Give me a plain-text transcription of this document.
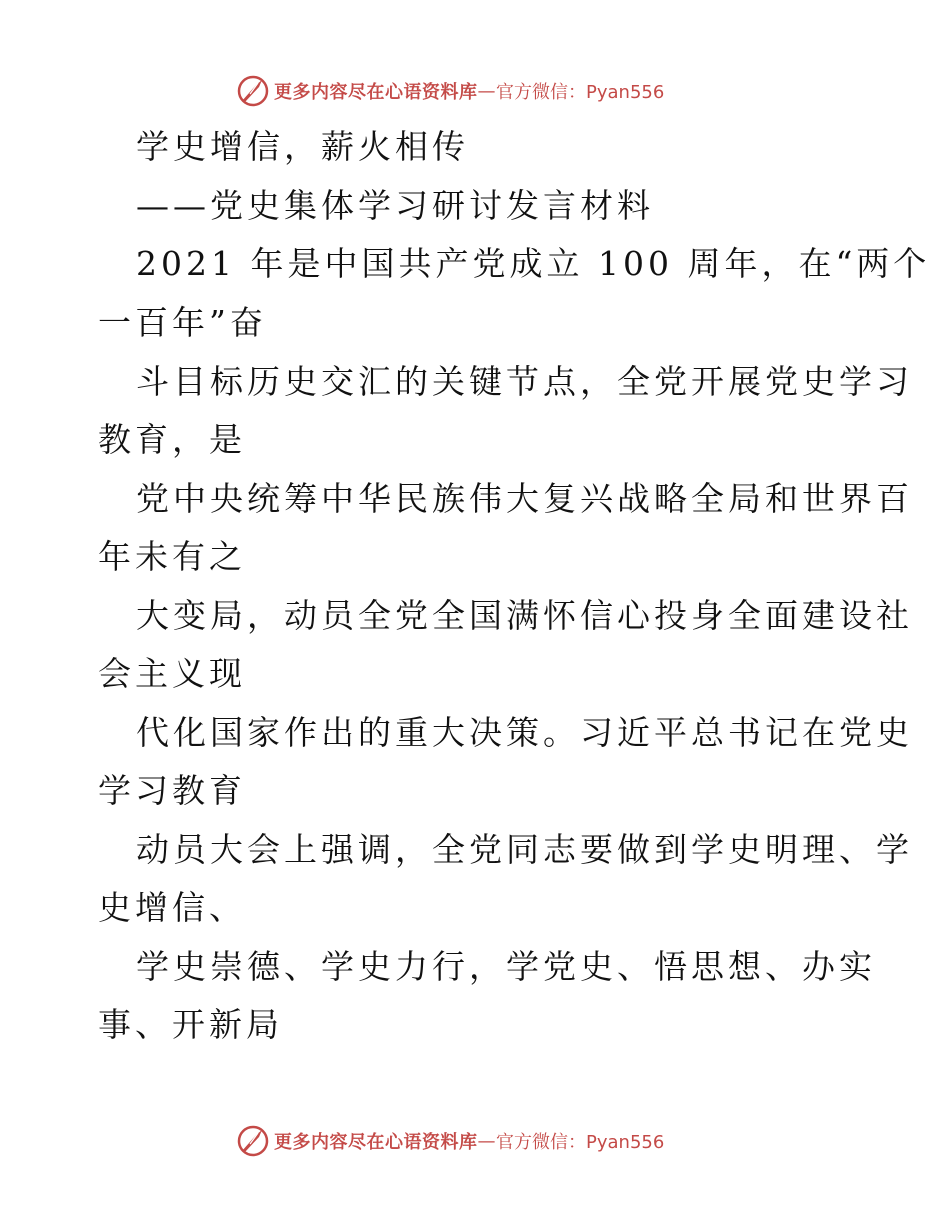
更多内容尽在心语资料库 — 官方微信：Pyan556
学史增信，薪火相传
——党史集体学习研讨发言材料
2021 年是中国共产党成立 100 周年，在“两个
一百年”奋
斗目标历史交汇的关键节点，全党开展党史学习
教育，是
党中央统筹中华民族伟大复兴战略全局和世界百
年未有之
大变局，动员全党全国满怀信心投身全面建设社
会主义现
代化国家作出的重大决策。习近平总书记在党史
学习教育
动员大会上强调，全党同志要做到学史明理、学
史增信、
学史崇德、学史力行，学党史、悟思想、办实
事、开新局
更多内容尽在心语资料库 — 官方微信：Pyan556
